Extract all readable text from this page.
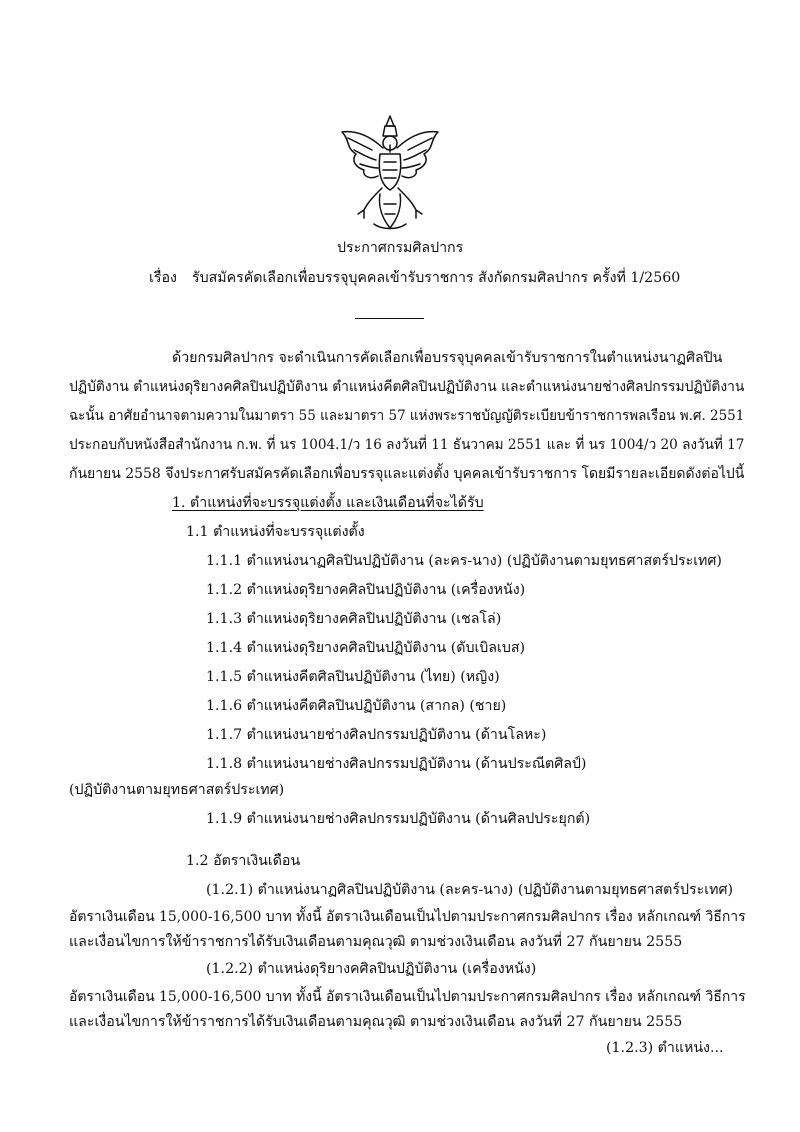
ประกาศกรมศิลปากร
เรื่อง รับสมัครคัดเลือกเพื่อบรรจุบุคคลเข้ารับราชการ สังกัดกรมศิลปากร ครั้งที่ 1/2560
ด้วยกรมศิลปากร จะดำเนินการคัดเลือกเพื่อบรรจุบุคคลเข้ารับราชการในตำแหน่งนาฏศิลปิน
ปฏิบัติงาน ตำแหน่งดุริยางคศิลปินปฏิบัติงาน ตำแหน่งคีตศิลปินปฏิบัติงาน และตำแหน่งนายช่างศิลปกรรมปฏิบัติงาน
ฉะนั้น อาศัยอำนาจตามความในมาตรา 55 และมาตรา 57 แห่งพระราชบัญญัติระเบียบข้าราชการพลเรือน พ.ศ. 2551
ประกอบกับหนังสือสำนักงาน ก.พ. ที่ นร 1004.1/ว 16 ลงวันที่ 11 ธันวาคม 2551 และ ที่ นร 1004/ว 20 ลงวันที่ 17
กันยายน 2558 จึงประกาศรับสมัครคัดเลือกเพื่อบรรจุและแต่งตั้ง บุคคลเข้ารับราชการ โดยมีรายละเอียดดังต่อไปนี้
1. ตำแหน่งที่จะบรรจุแต่งตั้ง และเงินเดือนที่จะได้รับ
1.1 ตำแหน่งที่จะบรรจุแต่งตั้ง
1.1.1 ตำแหน่งนาฏศิลปินปฏิบัติงาน (ละคร-นาง) (ปฏิบัติงานตามยุทธศาสตร์ประเทศ)
1.1.2 ตำแหน่งดุริยางคศิลปินปฏิบัติงาน (เครื่องหนัง)
1.1.3 ตำแหน่งดุริยางคศิลปินปฏิบัติงาน (เชลโล่)
1.1.4 ตำแหน่งดุริยางคศิลปินปฏิบัติงาน (ดับเบิลเบส)
1.1.5 ตำแหน่งคีตศิลปินปฏิบัติงาน (ไทย) (หญิง)
1.1.6 ตำแหน่งคีตศิลปินปฏิบัติงาน (สากล) (ชาย)
1.1.7 ตำแหน่งนายช่างศิลปกรรมปฏิบัติงาน (ด้านโลหะ)
1.1.8 ตำแหน่งนายช่างศิลปกรรมปฏิบัติงาน (ด้านประณีตศิลป์)
(ปฏิบัติงานตามยุทธศาสตร์ประเทศ)
1.1.9 ตำแหน่งนายช่างศิลปกรรมปฏิบัติงาน (ด้านศิลปประยุกต์)
1.2 อัตราเงินเดือน
(1.2.1) ตำแหน่งนาฏศิลปินปฏิบัติงาน (ละคร-นาง) (ปฏิบัติงานตามยุทธศาสตร์ประเทศ)
อัตราเงินเดือน 15,000-16,500 บาท ทั้งนี้ อัตราเงินเดือนเป็นไปตามประกาศกรมศิลปากร เรื่อง หลักเกณฑ์ วิธีการ
และเงื่อนไขการให้ข้าราชการได้รับเงินเดือนตามคุณวุฒิ ตามช่วงเงินเดือน ลงวันที่ 27 กันยายน 2555
(1.2.2) ตำแหน่งดุริยางคศิลปินปฏิบัติงาน (เครื่องหนัง)
อัตราเงินเดือน 15,000-16,500 บาท ทั้งนี้ อัตราเงินเดือนเป็นไปตามประกาศกรมศิลปากร เรื่อง หลักเกณฑ์ วิธีการ
และเงื่อนไขการให้ข้าราชการได้รับเงินเดือนตามคุณวุฒิ ตามช่วงเงินเดือน ลงวันที่ 27 กันยายน 2555
(1.2.3) ตำแหน่ง...
